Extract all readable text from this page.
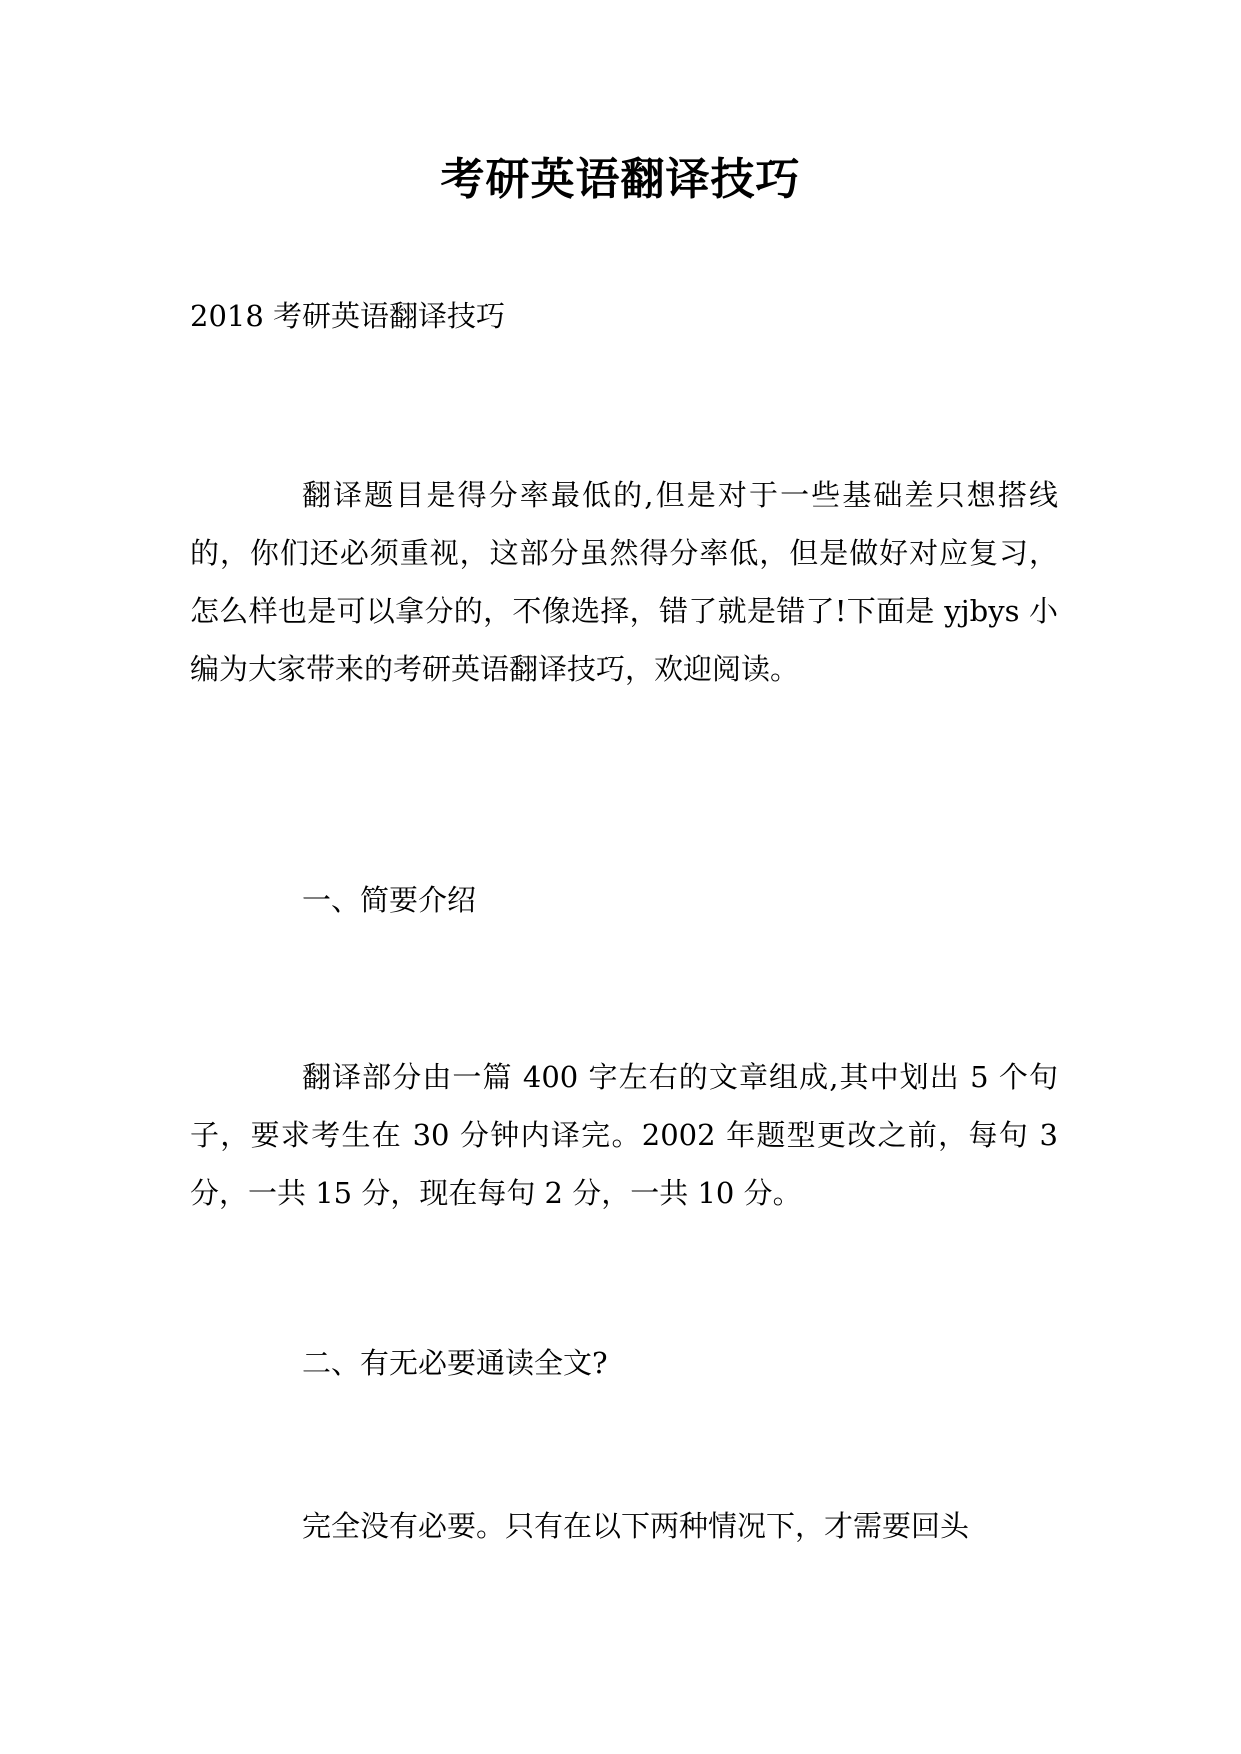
考研英语翻译技巧
2018 考研英语翻译技巧
翻译题目是得分率最低的,但是对于一些基础差只想搭线的，你们还必须重视，这部分虽然得分率低，但是做好对应复习，怎么样也是可以拿分的，不像选择，错了就是错了!下面是 yjbys 小编为大家带来的考研英语翻译技巧，欢迎阅读。
一、简要介绍
翻译部分由一篇 400 字左右的文章组成,其中划出 5 个句子，要求考生在 30 分钟内译完。2002 年题型更改之前，每句 3 分，一共 15 分，现在每句 2 分，一共 10 分。
二、有无必要通读全文?
完全没有必要。只有在以下两种情况下，才需要回头
